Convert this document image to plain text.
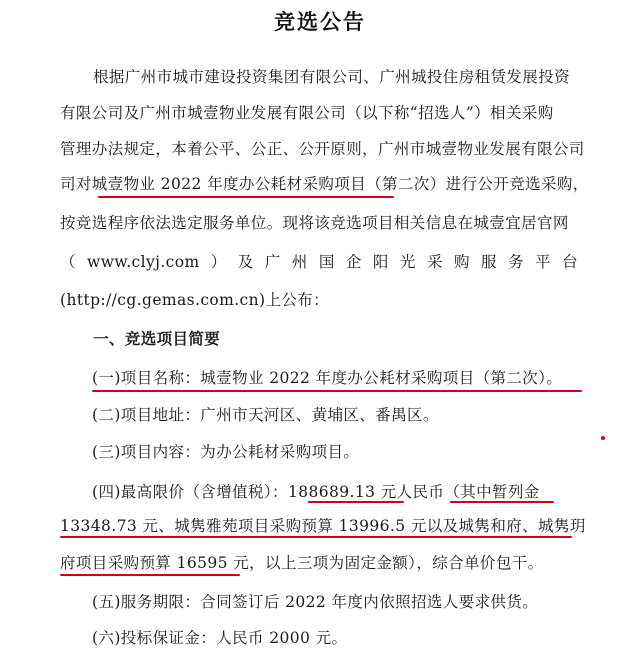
竞选公告
根据广州市城市建设投资集团有限公司、广州城投住房租赁发展投资
有限公司及广州市城壹物业发展有限公司（以下称“招选人”）相关采购
管理办法规定，本着公平、公正、公开原则，广州市城壹物业发展有限公司
司对城壹物业 2022 年度办公耗材采购项目（第二次）进行公开竞选采购，
按竞选程序依法选定服务单位。现将该竞选项目相关信息在城壹宜居官网
（ www.clyj.com ） 及 广 州 国 企 阳 光 采 购 服 务 平 台
(http://cg.gemas.com.cn)上公布：
一、竞选项目简要
(一)项目名称：城壹物业 2022 年度办公耗材采购项目（第二次）。
(二)项目地址：广州市天河区、黄埔区、番禺区。
(三)项目内容：为办公耗材采购项目。
(四)最高限价（含增值税）：188689.13 元人民币（其中暂列金
13348.73 元、城隽雅苑项目采购预算 13996.5 元以及城隽和府、城隽玥
府项目采购预算 16595 元，以上三项为固定金额），综合单价包干。
(五)服务期限：合同签订后 2022 年度内依照招选人要求供货。
(六)投标保证金：人民币 2000 元。
